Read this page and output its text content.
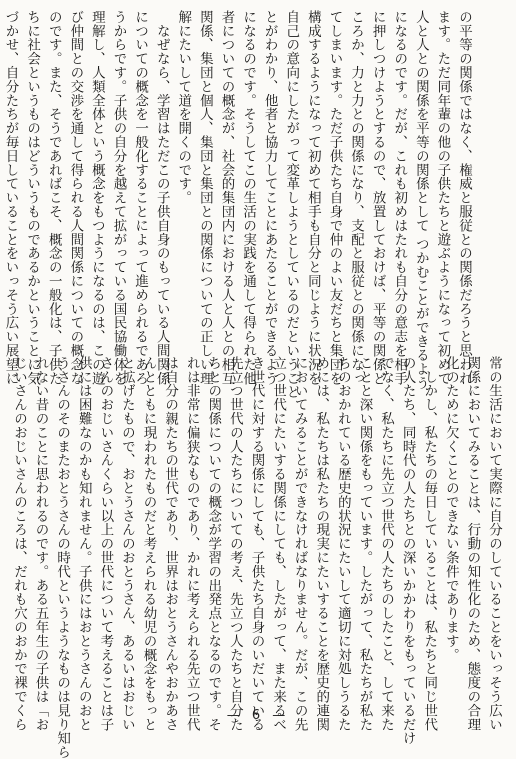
の平等の関係ではなく、権威と服従との関係だろうと思われ
ます。ただ同年輩の他の子供たちと遊ぶようになって初めて
人と人との関係を平等の関係として つかむことができるよう
になるのです。だが、これも初めはたれも自分の意志を相手
に押しつけようとするので、放置しておけば、平等の関係ど
ころか、力と力との関係になり、支配と服従との関係になっ
てしまいます。ただ子供たち自身で仲のよい友だちと集団を
構成するようになって初めて相手も自分と同じように状況を
自己の意向にしたがって変革しようとしているのだということ
とがわかり、他者と協力してことにあたることができるよう
になるのです。そうしてこの生活の実践を通して得られた他
者についての概念が、社会的集団内における人と人との相互
関係、集団と個人、集団と集団との関係についての正しい理
解にたいして道を開くのです。
　なぜなら、学習はただこの子供自身のもっている人間関係
についての概念を一般化することによって進められるであろ
うからです。子供の自分を越えて拡がっている国民協働体を
理解し、人類全体という概念をもつようになるのは、この遊
び仲間との交渉を通して得られる人間関係についての概念な
のです。また、そうであればこそ、概念の一般化は、子供た
ちに社会というものはどういうものであるかということに気
づかせ、自分たちが毎日していることをいっそう広い展望に
常の生活において実際に自分のしていることをいっそう広い
関係においてみることは、行動の知性化のため、態度の合理
化のために欠くことのできない条件であります。
　しかし、私たちの毎日していることは、私たちと同じ世代
の人たち、同時代の人たちとの深いかかわりをもっているだけ
でなく、私たちに先立つ世代の人たちのしたこと、して来た
ことと深い関係をもっています。したがって、私たちが私た
ちのおかれている歴史的状況にたいして適切に対処しうるた
めには、私たちは私たちの現実にたいすることを歴史的連関
においてみることができなければなりません。だが、この先
立つ世代にたいする関係にしても、したがって、また来るべ
き世代に対する関係にしても、子供たち自身のいだいている
先立つ世代の人たちについての考え、先立つ人たちと自分た
ちとの関係についての概念が学習の出発点となるのです。そ
れは非常に偏狭なものであり、かれに考えられる先立つ世代
は自分の親たちの世代であり、世界はおとうさんやおかあさ
んとともに現われたものだと考えられる幼児の概念をもっと
と拡げたもので、おとうさんのおとうさん、あるいはおじい
さんのおじいさんくらい以上の世代について考えることは子
供には困難なのかも知れません。子供にはおとうさんのおと
うさんのそのまたおとうさんの時代というようなものは見り知ら
れない昔のことに思われるのです。ある五年生の子供は「お
じいさんのおじいさんのころは、だれも穴のおかで裸でくら	— 6 —
